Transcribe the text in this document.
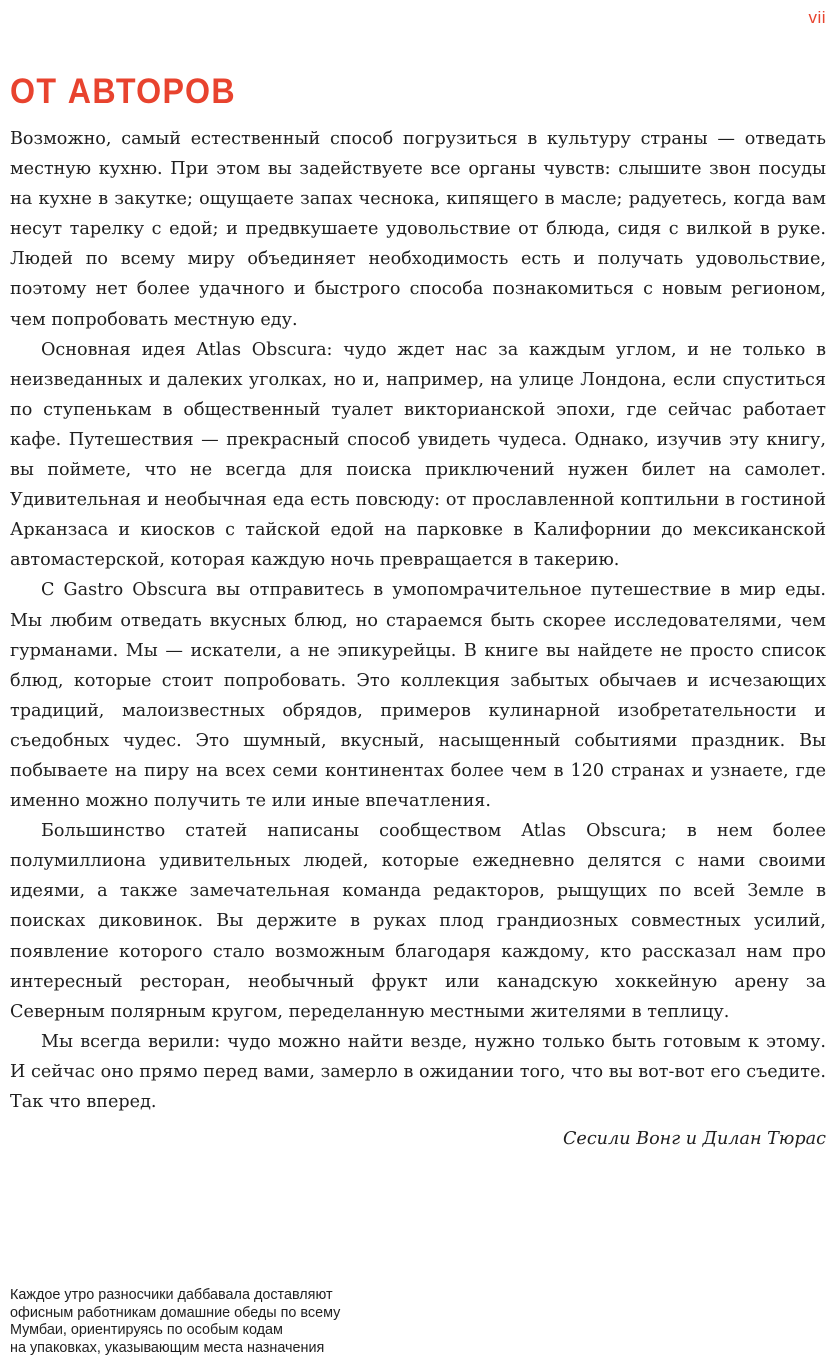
vii
ОТ АВТОРОВ

Возможно, самый естественный способ погрузиться в культуру страны — отведать местную кухню. При этом вы задействуете все органы чувств: слышите звон посуды на кухне в закутке; ощущаете запах чеснока, кипящего в масле; радуетесь, когда вам несут тарелку с едой; и предвкушаете удовольствие от блюда, сидя с вилкой в руке. Людей по всему миру объединяет необходимость есть и получать удовольствие, поэтому нет более удачного и быстрого способа познакомиться с новым регионом, чем попробовать местную еду.

Основная идея Atlas Obscura: чудо ждет нас за каждым углом, и не только в неизведанных и далеких уголках, но и, например, на улице Лондона, если спуститься по ступенькам в общественный туалет викторианской эпохи, где сейчас работает кафе. Путешествия — прекрасный способ увидеть чудеса. Однако, изучив эту книгу, вы поймете, что не всегда для поиска приключений нужен билет на самолет. Удивительная и необычная еда есть повсюду: от прославленной коптильни в гостиной Арканзаса и киосков с тайской едой на парковке в Калифорнии до мексиканской автомастерской, которая каждую ночь превращается в такерию.

С Gastro Obscura вы отправитесь в умопомрачительное путешествие в мир еды. Мы любим отведать вкусных блюд, но стараемся быть скорее исследователями, чем гурманами. Мы — искатели, а не эпикурейцы. В книге вы найдете не просто список блюд, которые стоит попробовать. Это коллекция забытых обычаев и исчезающих традиций, малоизвестных обрядов, примеров кулинарной изобретательности и съедобных чудес. Это шумный, вкусный, насыщенный событиями праздник. Вы побываете на пиру на всех семи континентах более чем в 120 странах и узнаете, где именно можно получить те или иные впечатления.

Большинство статей написаны сообществом Atlas Obscura; в нем более полумиллиона удивительных людей, которые ежедневно делятся с нами своими идеями, а также замечательная команда редакторов, рыщущих по всей Земле в поисках диковинок. Вы держите в руках плод грандиозных совместных усилий, появление которого стало возможным благодаря каждому, кто рассказал нам про интересный ресторан, необычный фрукт или канадскую хоккейную арену за Северным полярным кругом, переделанную местными жителями в теплицу.

Мы всегда верили: чудо можно найти везде, нужно только быть готовым к этому. И сейчас оно прямо перед вами, замерло в ожидании того, что вы вот-вот его съедите. Так что вперед.

Сесили Вонг и Дилан Тюрас
Каждое утро разносчики даббавала доставляют
офисным работникам домашние обеды по всему
Мумбаи, ориентируясь по особым кодам
на упаковках, указывающим места назначения
